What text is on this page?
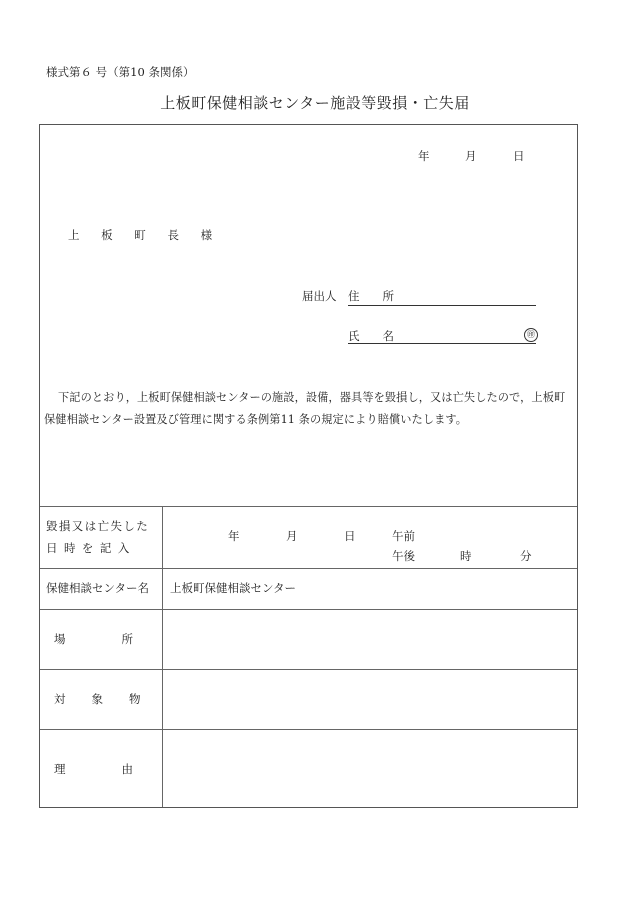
様式第６ 号（第10 条関係）
上板町保健相談センター施設等毀損・亡失届
年	月	日
上 板 町 長 様
届出人 住　　所
氏　　名	㊞
下記のとおり，上板町保健相談センターの施設，設備，器具等を毀損し，又は亡失したので，上板町保健相談センター設置及び管理に関する条例第11 条の規定により賠償いたします。
毀損又は亡失した
日 時 を 記 入
年	月	日	午前
午後	時	分
保健相談センター名 上板町保健相談センター
場　　　　所
対　　象　　物
理　　　　由
